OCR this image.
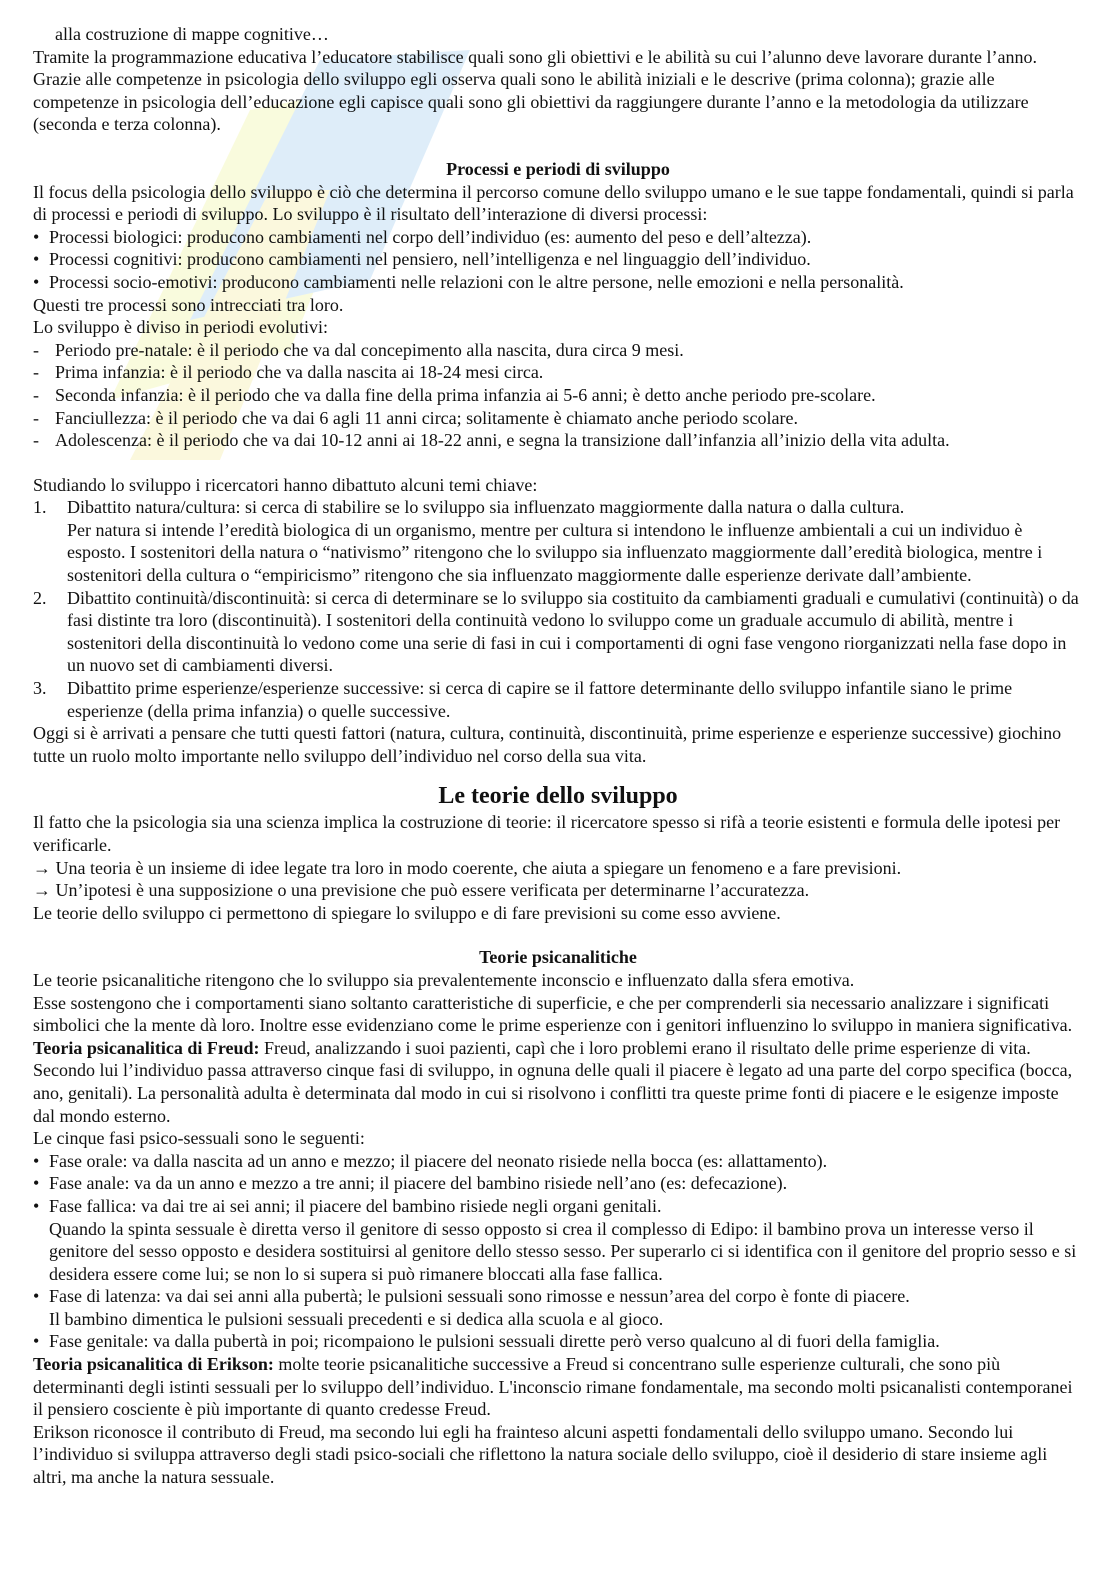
alla costruzione di mappe cognitive…

Tramite la programmazione educativa l’educatore stabilisce quali sono gli obiettivi e le abilità su cui l’alunno deve lavorare durante l’anno. Grazie alle competenze in psicologia dello sviluppo egli osserva quali sono le abilità iniziali e le descrive (prima colonna); grazie alle competenze in psicologia dell’educazione egli capisce quali sono gli obiettivi da raggiungere durante l’anno e la metodologia da utilizzare (seconda e terza colonna).

Processi e periodi di sviluppo

Il focus della psicologia dello sviluppo è ciò che determina il percorso comune dello sviluppo umano e le sue tappe fondamentali, quindi si parla di processi e periodi di sviluppo. Lo sviluppo è il risultato dell’interazione di diversi processi:

• Processi biologici: producono cambiamenti nel corpo dell’individuo (es: aumento del peso e dell’altezza).
• Processi cognitivi: producono cambiamenti nel pensiero, nell’intelligenza e nel linguaggio dell’individuo.
• Processi socio-emotivi: producono cambiamenti nelle relazioni con le altre persone, nelle emozioni e nella personalità.

Questi tre processi sono intrecciati tra loro.

Lo sviluppo è diviso in periodi evolutivi:

- Periodo pre-natale: è il periodo che va dal concepimento alla nascita, dura circa 9 mesi.
- Prima infanzia: è il periodo che va dalla nascita ai 18-24 mesi circa.
- Seconda infanzia: è il periodo che va dalla fine della prima infanzia ai 5-6 anni; è detto anche periodo pre-scolare.
- Fanciullezza: è il periodo che va dai 6 agli 11 anni circa; solitamente è chiamato anche periodo scolare.
- Adolescenza: è il periodo che va dai 10-12 anni ai 18-22 anni, e segna la transizione dall’infanzia all’inizio della vita adulta.

Studiando lo sviluppo i ricercatori hanno dibattuto alcuni temi chiave:

1. Dibattito natura/cultura: si cerca di stabilire se lo sviluppo sia influenzato maggiormente dalla natura o dalla cultura.
Per natura si intende l’eredità biologica di un organismo, mentre per cultura si intendono le influenze ambientali a cui un individuo è esposto. I sostenitori della natura o “nativismo” ritengono che lo sviluppo sia influenzato maggiormente dall’eredità biologica, mentre i sostenitori della cultura o “empiricismo” ritengono che sia influenzato maggiormente dalle esperienze derivate dall’ambiente.
2. Dibattito continuità/discontinuità: si cerca di determinare se lo sviluppo sia costituito da cambiamenti graduali e cumulativi (continuità) o da fasi distinte tra loro (discontinuità). I sostenitori della continuità vedono lo sviluppo come un graduale accumulo di abilità, mentre i sostenitori della discontinuità lo vedono come una serie di fasi in cui i comportamenti di ogni fase vengono riorganizzati nella fase dopo in un nuovo set di cambiamenti diversi.
3. Dibattito prime esperienze/esperienze successive: si cerca di capire se il fattore determinante dello sviluppo infantile siano le prime esperienze (della prima infanzia) o quelle successive.

Oggi si è arrivati a pensare che tutti questi fattori (natura, cultura, continuità, discontinuità, prime esperienze e esperienze successive) giochino tutte un ruolo molto importante nello sviluppo dell’individuo nel corso della sua vita.

Le teorie dello sviluppo

Il fatto che la psicologia sia una scienza implica la costruzione di teorie: il ricercatore spesso si rifà a teorie esistenti e formula delle ipotesi per verificarle.

→ Una teoria è un insieme di idee legate tra loro in modo coerente, che aiuta a spiegare un fenomeno e a fare previsioni.

→ Un’ipotesi è una supposizione o una previsione che può essere verificata per determinarne l’accuratezza.

Le teorie dello sviluppo ci permettono di spiegare lo sviluppo e di fare previsioni su come esso avviene.

Teorie psicanalitiche

Le teorie psicanalitiche ritengono che lo sviluppo sia prevalentemente inconscio e influenzato dalla sfera emotiva.

Esse sostengono che i comportamenti siano soltanto caratteristiche di superficie, e che per comprenderli sia necessario analizzare i significati simbolici che la mente dà loro. Inoltre esse evidenziano come le prime esperienze con i genitori influenzino lo sviluppo in maniera significativa.

Teoria psicanalitica di Freud: Freud, analizzando i suoi pazienti, capì che i loro problemi erano il risultato delle prime esperienze di vita. Secondo lui l’individuo passa attraverso cinque fasi di sviluppo, in ognuna delle quali il piacere è legato ad una parte del corpo specifica (bocca, ano, genitali). La personalità adulta è determinata dal modo in cui si risolvono i conflitti tra queste prime fonti di piacere e le esigenze imposte dal mondo esterno.

Le cinque fasi psico-sessuali sono le seguenti:

• Fase orale: va dalla nascita ad un anno e mezzo; il piacere del neonato risiede nella bocca (es: allattamento).
• Fase anale: va da un anno e mezzo a tre anni; il piacere del bambino risiede nell’ano (es: defecazione).
• Fase fallica: va dai tre ai sei anni; il piacere del bambino risiede negli organi genitali.
Quando la spinta sessuale è diretta verso il genitore di sesso opposto si crea il complesso di Edipo: il bambino prova un interesse verso il genitore del sesso opposto e desidera sostituirsi al genitore dello stesso sesso. Per superarlo ci si identifica con il genitore del proprio sesso e si desidera essere come lui; se non lo si supera si può rimanere bloccati alla fase fallica.
• Fase di latenza: va dai sei anni alla pubertà; le pulsioni sessuali sono rimosse e nessun’area del corpo è fonte di piacere.
Il bambino dimentica le pulsioni sessuali precedenti e si dedica alla scuola e al gioco.
• Fase genitale: va dalla pubertà in poi; ricompaiono le pulsioni sessuali dirette però verso qualcuno al di fuori della famiglia.

Teoria psicanalitica di Erikson: molte teorie psicanalitiche successive a Freud si concentrano sulle esperienze culturali, che sono più determinanti degli istinti sessuali per lo sviluppo dell’individuo. L'inconscio rimane fondamentale, ma secondo molti psicanalisti contemporanei il pensiero cosciente è più importante di quanto credesse Freud.

Erikson riconosce il contributo di Freud, ma secondo lui egli ha frainteso alcuni aspetti fondamentali dello sviluppo umano. Secondo lui l’individuo si sviluppa attraverso degli stadi psico-sociali che riflettono la natura sociale dello sviluppo, cioè il desiderio di stare insieme agli altri, ma anche la natura sessuale.
